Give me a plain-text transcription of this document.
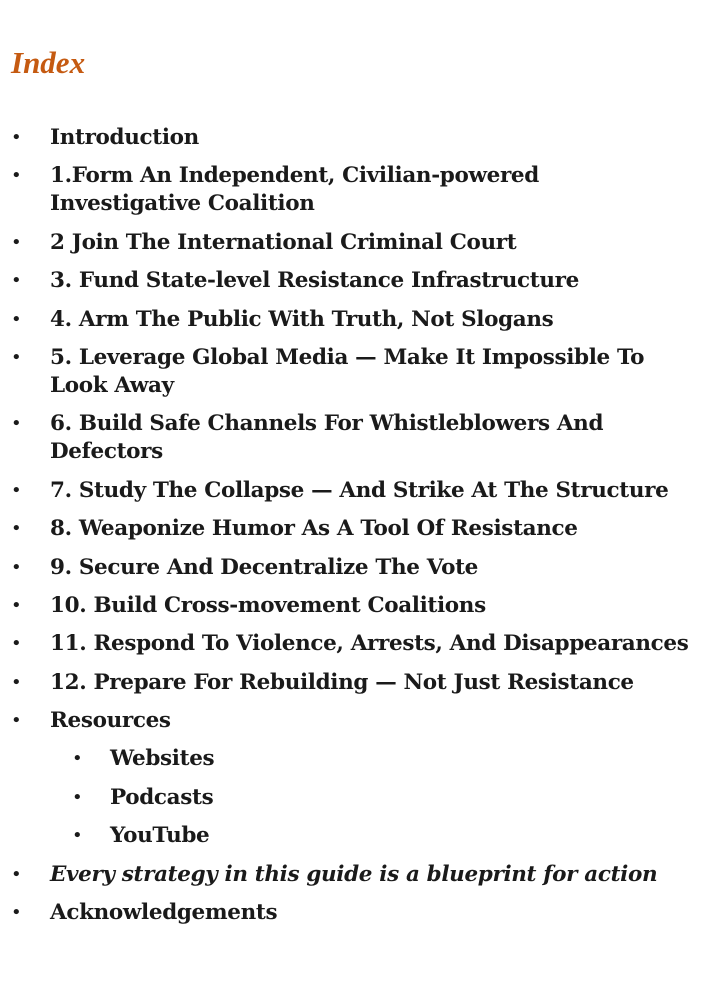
Index
• Introduction
• 1.Form An Independent, Civilian-powered Investigative Coalition
• 2 Join The International Criminal Court
• 3. Fund State-level Resistance Infrastructure
• 4. Arm The Public With Truth, Not Slogans
• 5. Leverage Global Media — Make It Impossible To Look Away
• 6. Build Safe Channels For Whistleblowers And Defectors
• 7. Study The Collapse — And Strike At The Structure
• 8. Weaponize Humor As A Tool Of Resistance
• 9. Secure And Decentralize The Vote
• 10. Build Cross-movement Coalitions
• 11. Respond To Violence, Arrests, And Disappearances
• 12. Prepare For Rebuilding — Not Just Resistance
• Resources
• Websites
• Podcasts
• YouTube
• Every strategy in this guide is a blueprint for action
• Acknowledgements
